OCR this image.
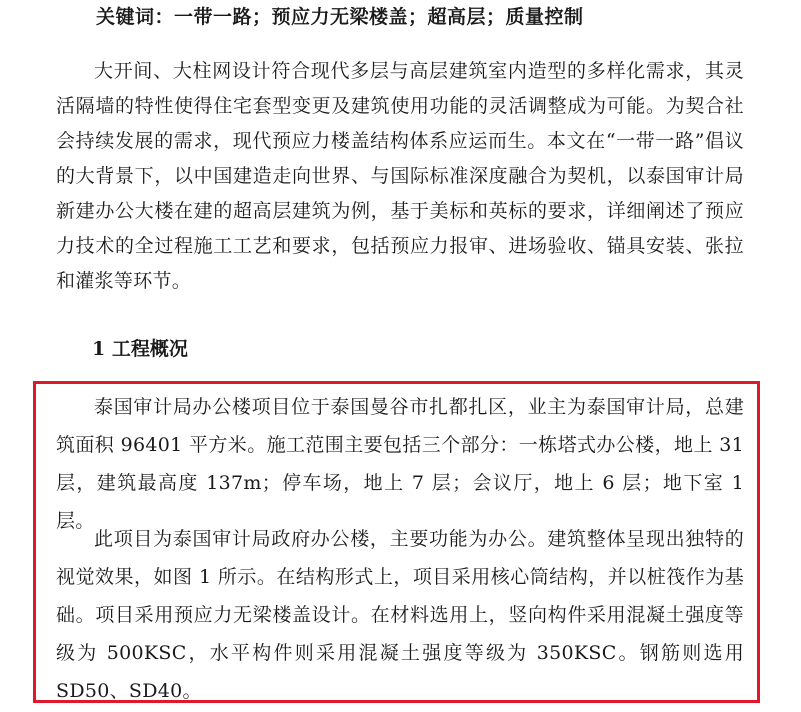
关键词：一带一路；预应力无梁楼盖；超高层；质量控制

大开间、大柱网设计符合现代多层与高层建筑室内造型的多样化需求，其灵活隔墙的特性使得住宅套型变更及建筑使用功能的灵活调整成为可能。为契合社会持续发展的需求，现代预应力楼盖结构体系应运而生。本文在“一带一路”倡议的大背景下，以中国建造走向世界、与国际标准深度融合为契机，以泰国审计局新建办公大楼在建的超高层建筑为例，基于美标和英标的要求，详细阐述了预应力技术的全过程施工工艺和要求，包括预应力报审、进场验收、锚具安装、张拉和灌浆等环节。

1 工程概况

泰国审计局办公楼项目位于泰国曼谷市扎都扎区，业主为泰国审计局，总建筑面积 96401 平方米。施工范围主要包括三个部分：一栋塔式办公楼，地上 31 层，建筑最高度 137m；停车场，地上 7 层；会议厅，地上 6 层；地下室 1 层。

此项目为泰国审计局政府办公楼，主要功能为办公。建筑整体呈现出独特的视觉效果，如图 1 所示。在结构形式上，项目采用核心筒结构，并以桩筏作为基础。项目采用预应力无梁楼盖设计。在材料选用上，竖向构件采用混凝土强度等级为 500KSC，水平构件则采用混凝土强度等级为 350KSC。钢筋则选用 SD50、SD40。
